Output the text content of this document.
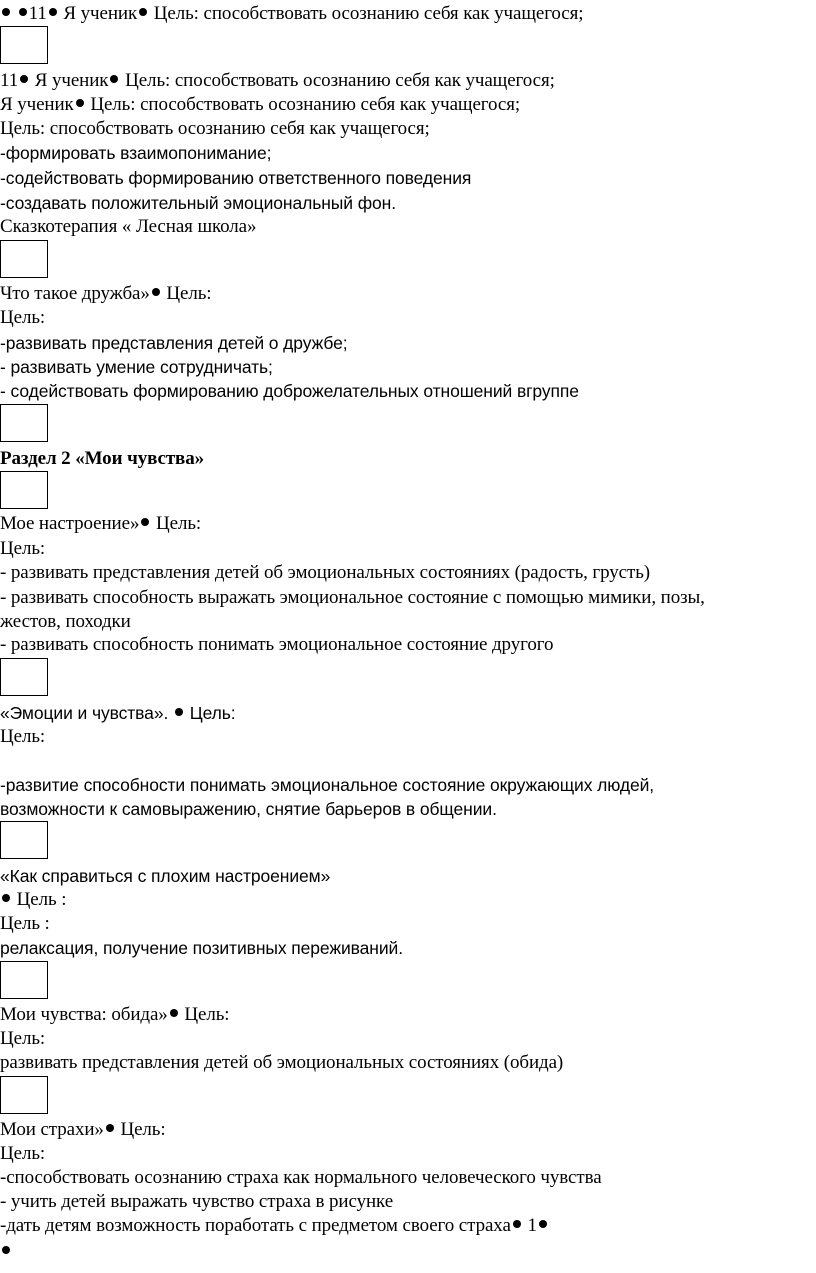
11 Я ученик Цель: способствовать осознанию себя как учащегося;
11 Я ученик Цель: способствовать осознанию себя как учащегося;
Я ученик Цель: способствовать осознанию себя как учащегося;
Цель: способствовать осознанию себя как учащегося;
-формировать взаимопонимание;
-содействовать формированию ответственного поведения
-создавать положительный эмоциональный фон.
Сказкотерапия « Лесная школа»
Что такое дружба» Цель:
Цель:
-развивать представления детей о дружбе;
- развивать умение сотрудничать;
- содействовать формированию доброжелательных отношений вгруппе
Раздел 2 «Мои чувства»
Мое настроение» Цель:
Цель:
- развивать представления детей об эмоциональных состояниях (радость, грусть)
- развивать способность выражать эмоциональное состояние с помощью мимики, позы,
жестов, походки
- развивать способность понимать эмоциональное состояние другого
«Эмоции и чувства».  Цель:
Цель:
-развитие способности понимать эмоциональное состояние окружающих людей,
возможности к самовыражению, снятие барьеров в общении.
«Как справиться с плохим настроением»
Цель :
Цель :
релаксация, получение позитивных переживаний.
Мои чувства: обида» Цель:
Цель:
развивать представления детей об эмоциональных состояниях (обида)
Мои страхи» Цель:
Цель:
-способствовать осознанию страха как нормального человеческого чувства
- учить детей выражать чувство страха в рисунке
-дать детям возможность поработать с предметом своего страха 1
